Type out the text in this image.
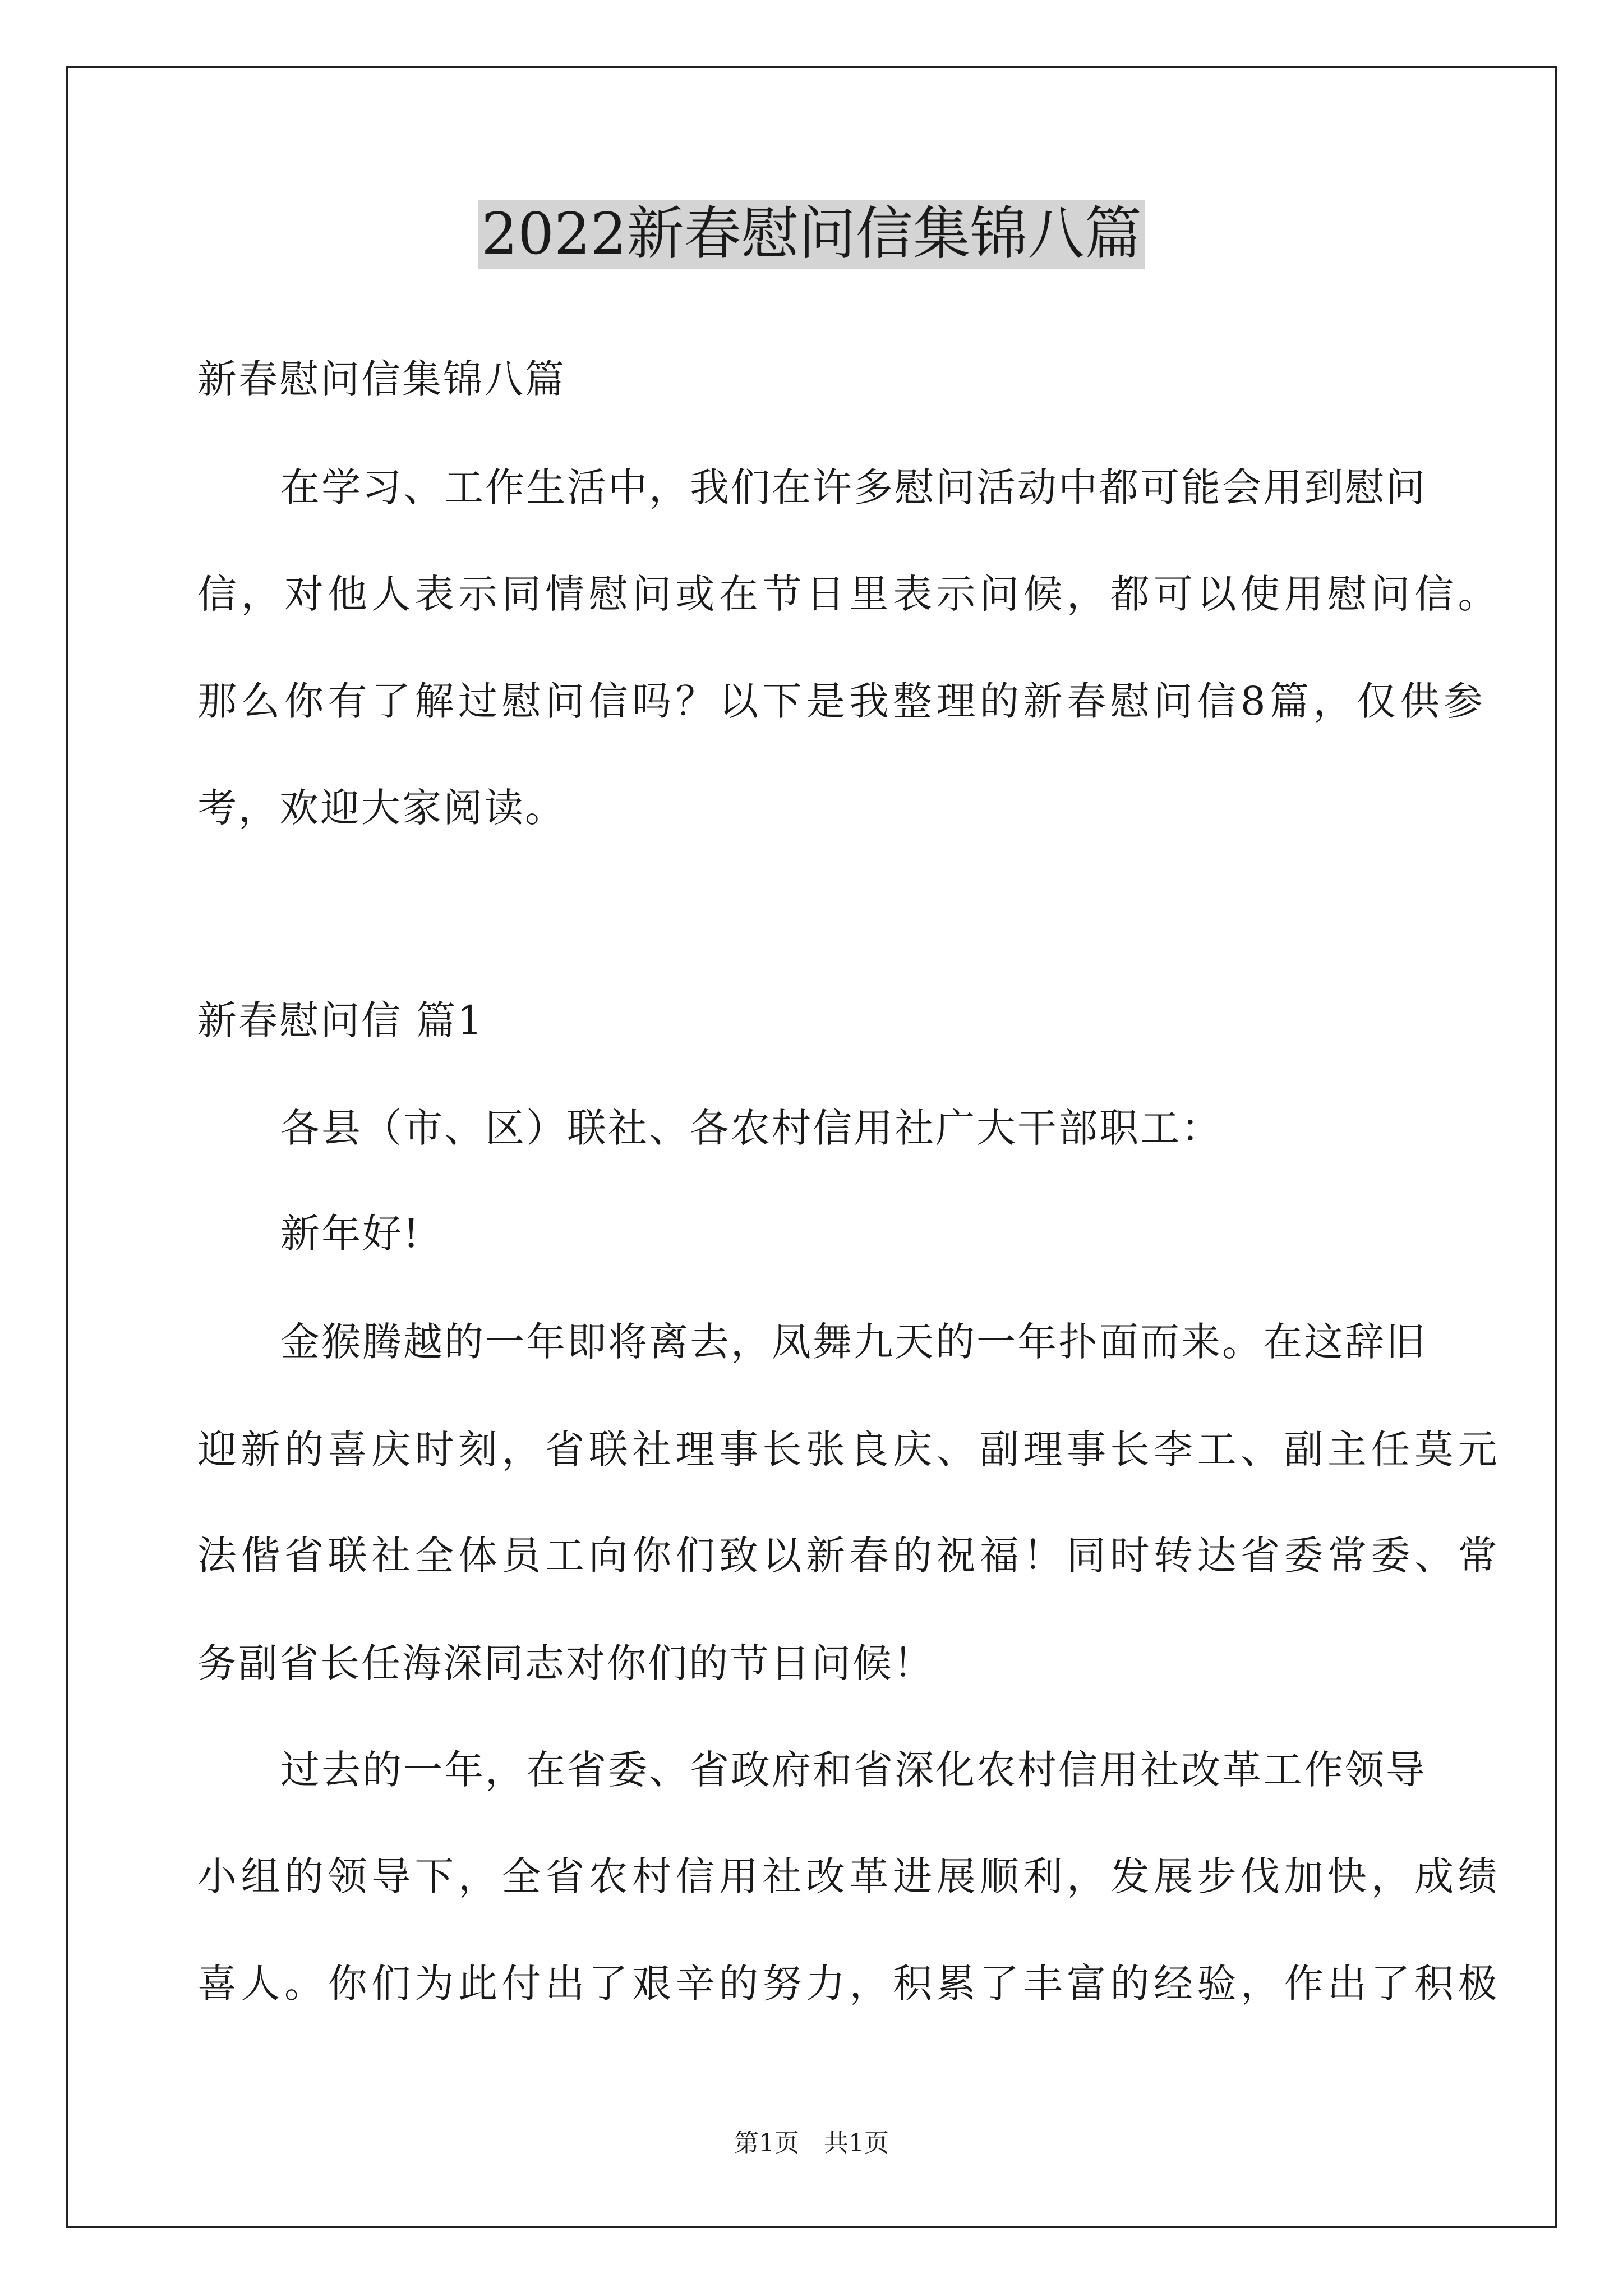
2022新春慰问信集锦八篇
新春慰问信集锦八篇
在学习、工作生活中，我们在许多慰问活动中都可能会用到慰问
信，对他人表示同情慰问或在节日里表示问候，都可以使用慰问信。
那么你有了解过慰问信吗？以下是我整理的新春慰问信8篇，仅供参
考，欢迎大家阅读。
新春慰问信 篇1
各县（市、区）联社、各农村信用社广大干部职工：
新年好!
金猴腾越的一年即将离去，凤舞九天的一年扑面而来。在这辞旧
迎新的喜庆时刻，省联社理事长张良庆、副理事长李工、副主任莫元
法偕省联社全体员工向你们致以新春的祝福！同时转达省委常委、常
务副省长任海深同志对你们的节日问候！
过去的一年，在省委、省政府和省深化农村信用社改革工作领导
小组的领导下，全省农村信用社改革进展顺利，发展步伐加快，成绩
喜人。你们为此付出了艰辛的努力，积累了丰富的经验，作出了积极
第1页　共1页
